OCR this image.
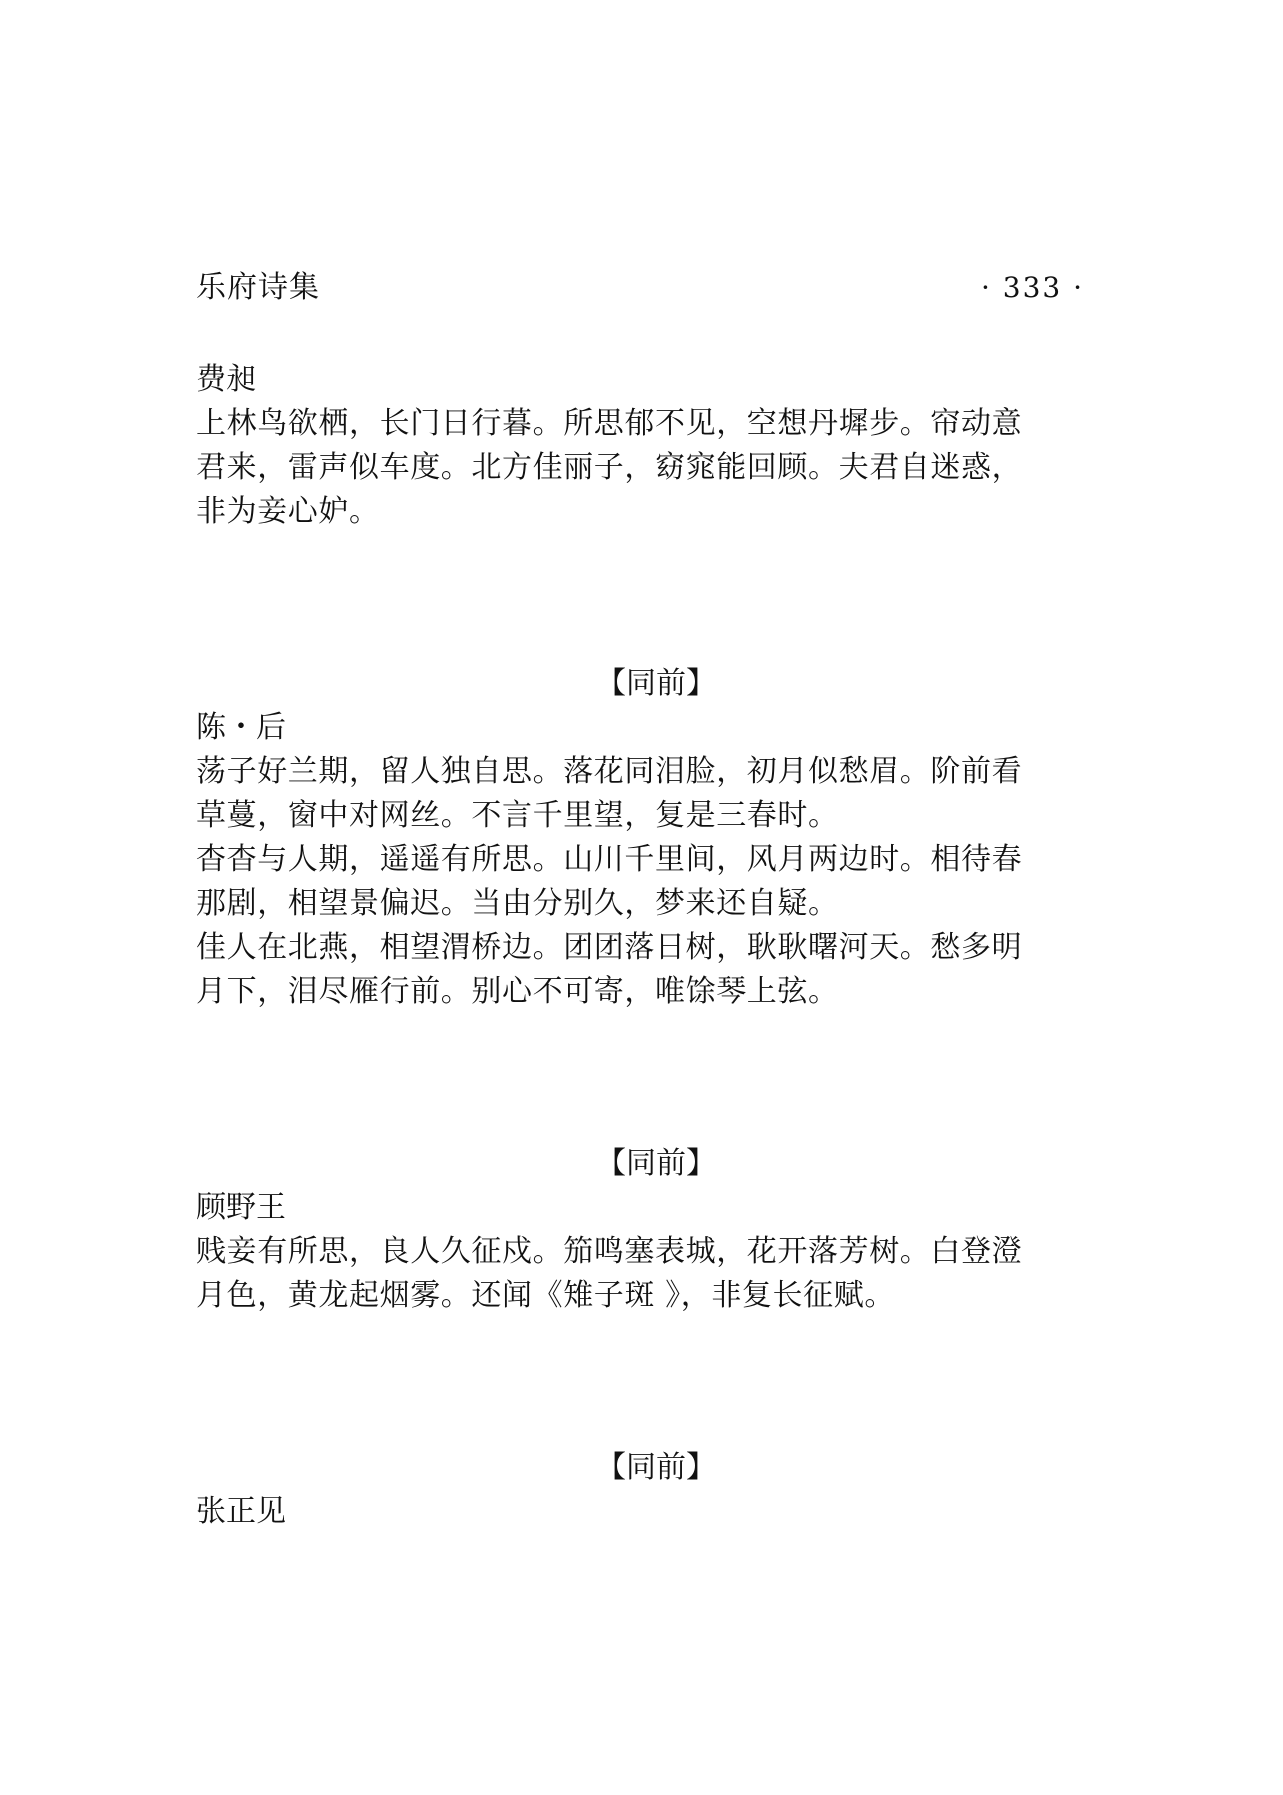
乐府诗集	· 333 ·
费昶
上林鸟欲栖，长门日行暮。所思郁不见，空想丹墀步。帘动意
君来，雷声似车度。北方佳丽子，窈窕能回顾。夫君自迷惑，
非为妾心妒。
【同前】
陈・后
荡子好兰期，留人独自思。落花同泪脸，初月似愁眉。阶前看
草蔓，窗中对网丝。不言千里望，复是三春时。
杳杳与人期，遥遥有所思。山川千里间，风月两边时。相待春
那剧，相望景偏迟。当由分别久，梦来还自疑。
佳人在北燕，相望渭桥边。团团落日树，耿耿曙河天。愁多明
月下，泪尽雁行前。别心不可寄，唯馀琴上弦。
【同前】
顾野王
贱妾有所思，良人久征戍。笳鸣塞表城，花开落芳树。白登澄
月色，黄龙起烟雾。还闻《雉子斑 》，非复长征赋。
【同前】
张正见
